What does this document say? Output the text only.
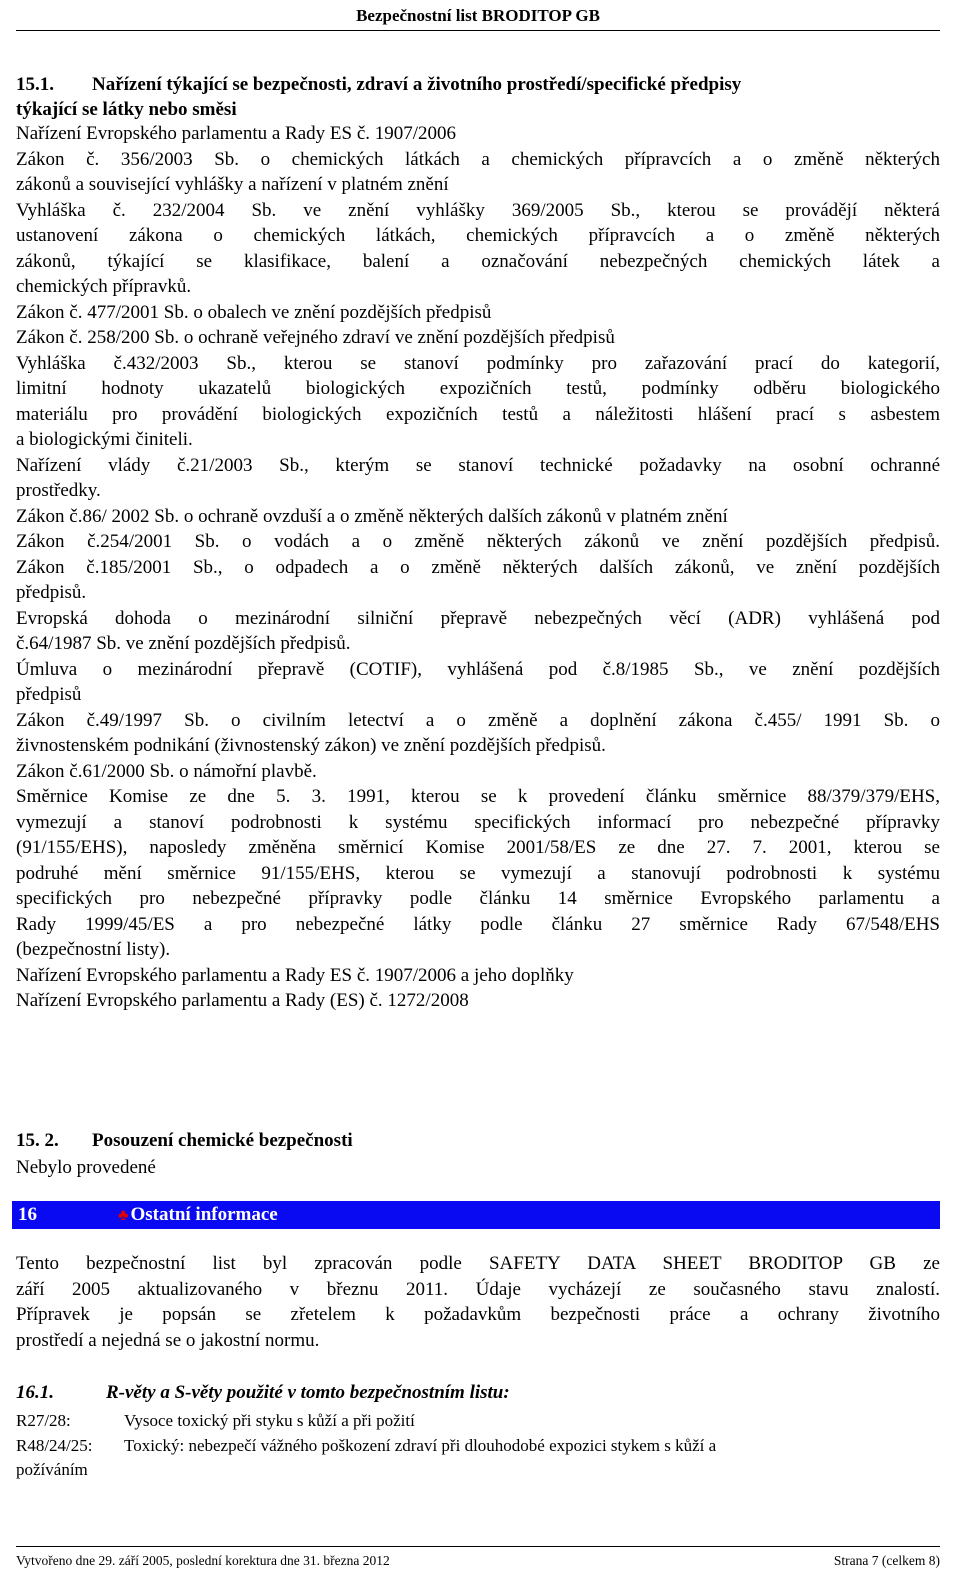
Bezpečnostní list BRODITOP GB
15.1. Nařízení týkající se bezpečnosti, zdraví a životního prostředí/specifické předpisy
týkající se látky nebo směsi
Nařízení Evropského parlamentu a Rady ES č. 1907/2006
Zákon č. 356/2003 Sb. o chemických látkách a chemických přípravcích a o změně některých
zákonů a související vyhlášky a nařízení v platném znění
Vyhláška č. 232/2004 Sb. ve znění vyhlášky 369/2005 Sb., kterou se provádějí některá
ustanovení zákona o chemických látkách, chemických přípravcích a o změně některých
zákonů, týkající se klasifikace, balení a označování nebezpečných chemických látek a
chemických přípravků.
Zákon č. 477/2001 Sb. o obalech ve znění pozdějších předpisů
Zákon č. 258/200 Sb. o ochraně veřejného zdraví ve znění pozdějších předpisů
Vyhláška č.432/2003 Sb., kterou se stanoví podmínky pro zařazování prací do kategorií,
limitní hodnoty ukazatelů biologických expozičních testů, podmínky odběru biologického
materiálu pro provádění biologických expozičních testů a náležitosti hlášení prací s asbestem
a biologickými činiteli.
Nařízení vlády č.21/2003 Sb., kterým se stanoví technické požadavky na osobní ochranné
prostředky.
Zákon č.86/ 2002 Sb. o ochraně ovzduší a o změně některých dalších zákonů v platném znění
Zákon č.254/2001 Sb. o vodách a o změně některých zákonů ve znění pozdějších předpisů.
Zákon č.185/2001 Sb., o odpadech a o změně některých dalších zákonů, ve znění pozdějších
předpisů.
Evropská dohoda o mezinárodní silniční přepravě nebezpečných věcí (ADR) vyhlášená pod
č.64/1987 Sb. ve znění pozdějších předpisů.
Úmluva o mezinárodní přepravě (COTIF), vyhlášená pod č.8/1985 Sb., ve znění pozdějších
předpisů
Zákon č.49/1997 Sb. o civilním letectví a o změně a doplnění zákona č.455/ 1991 Sb. o
živnostenském podnikání (živnostenský zákon) ve znění pozdějších předpisů.
Zákon č.61/2000 Sb. o námořní plavbě.
Směrnice Komise ze dne 5. 3. 1991, kterou se k provedení článku směrnice 88/379/379/EHS,
vymezují a stanoví podrobnosti k systému specifických informací pro nebezpečné přípravky
(91/155/EHS), naposledy změněna směrnicí Komise 2001/58/ES ze dne 27. 7. 2001, kterou se
podruhé mění směrnice 91/155/EHS, kterou se vymezují a stanovují podrobnosti k systému
specifických pro nebezpečné přípravky podle článku 14 směrnice Evropského parlamentu a
Rady 1999/45/ES a pro nebezpečné látky podle článku 27 směrnice Rady 67/548/EHS
(bezpečnostní listy).
Nařízení Evropského parlamentu a Rady ES č. 1907/2006 a jeho doplňky
Nařízení Evropského parlamentu a Rady (ES) č. 1272/2008
15. 2. Posouzení chemické bezpečnosti
Nebylo provedené
16	♣ Ostatní informace
Tento bezpečnostní list byl zpracován podle SAFETY DATA SHEET BRODITOP GB ze
září 2005 aktualizovaného v březnu 2011. Údaje vycházejí ze současného stavu znalostí.
Přípravek je popsán se zřetelem k požadavkům bezpečnosti práce a ochrany životního
prostředí a nejedná se o jakostní normu.
16.1.	R-věty a S-věty použité v tomto bezpečnostním listu:
R27/28:	Vysoce toxický při styku s kůží a při požití
R48/24/25: Toxický: nebezpečí vážného poškození zdraví při dlouhodobé expozici stykem s kůží a
požíváním
Vytvořeno dne 29. září 2005, poslední korektura dne 31. března 2012	Strana 7 (celkem 8)
